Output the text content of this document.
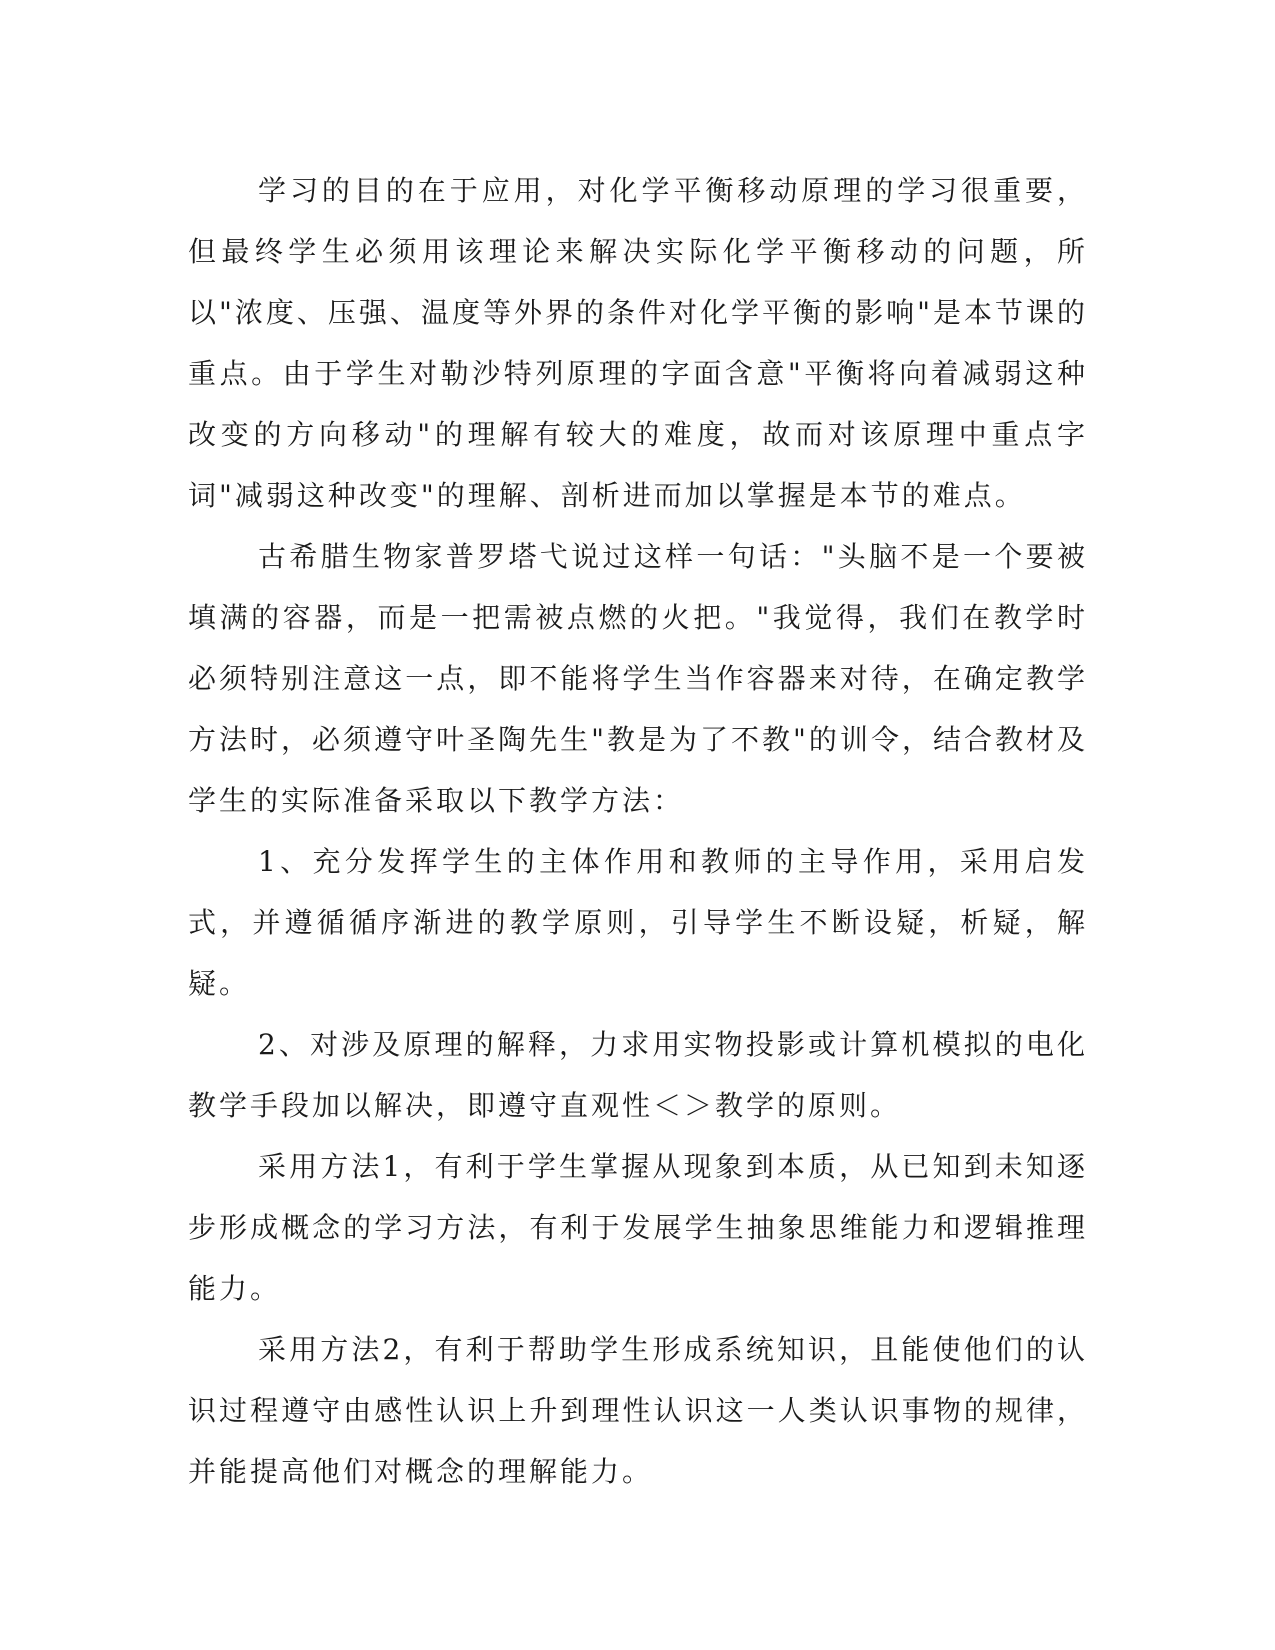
学习的目的在于应用，对化学平衡移动原理的学习很重要，但最终学生必须用该理论来解决实际化学平衡移动的问题，所以"浓度、压强、温度等外界的条件对化学平衡的影响"是本节课的重点。由于学生对勒沙特列原理的字面含意"平衡将向着减弱这种改变的方向移动"的理解有较大的难度，故而对该原理中重点字词"减弱这种改变"的理解、剖析进而加以掌握是本节的难点。

古希腊生物家普罗塔弋说过这样一句话："头脑不是一个要被填满的容器，而是一把需被点燃的火把。"我觉得，我们在教学时必须特别注意这一点，即不能将学生当作容器来对待，在确定教学方法时，必须遵守叶圣陶先生"教是为了不教"的训令，结合教材及学生的实际准备采取以下教学方法：

1、充分发挥学生的主体作用和教师的主导作用，采用启发式，并遵循循序渐进的教学原则，引导学生不断设疑，析疑，解疑。

2、对涉及原理的解释，力求用实物投影或计算机模拟的电化教学手段加以解决，即遵守直观性＜＞教学的原则。

采用方法1，有利于学生掌握从现象到本质，从已知到未知逐步形成概念的学习方法，有利于发展学生抽象思维能力和逻辑推理能力。

采用方法2，有利于帮助学生形成系统知识，且能使他们的认识过程遵守由感性认识上升到理性认识这一人类认识事物的规律，并能提高他们对概念的理解能力。
